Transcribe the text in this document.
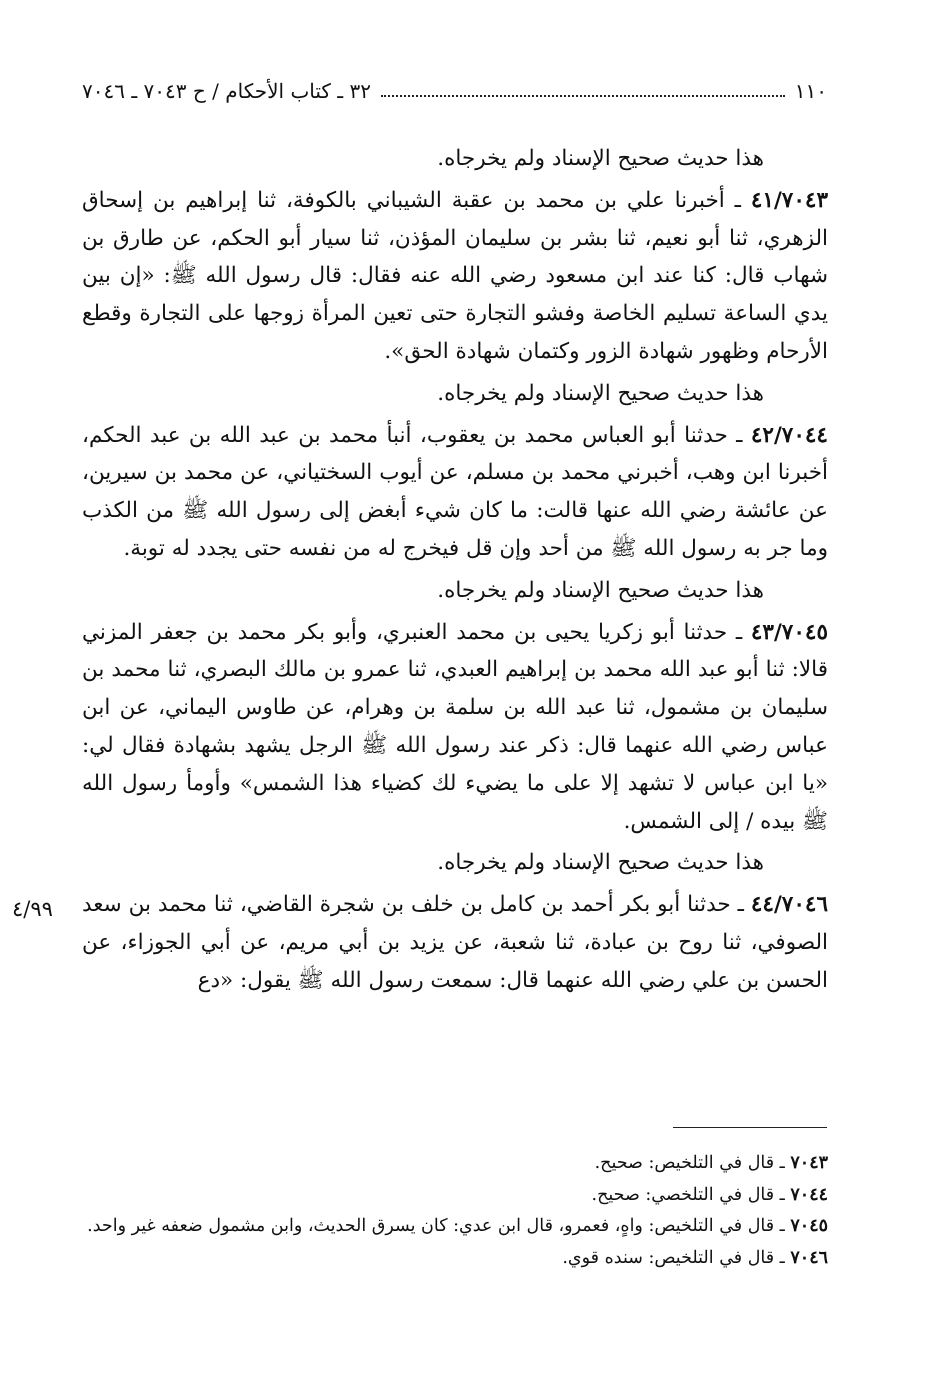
١١٠
٣٢ ـ كتاب الأحكام / ح ٧٠٤٣ ـ ٧٠٤٦

هذا حديث صحيح الإسناد ولم يخرجاه.

٤١/٧٠٤٣ ـ أخبرنا علي بن محمد بن عقبة الشيباني بالكوفة، ثنا إبراهيم بن إسحاق الزهري، ثنا أبو نعيم، ثنا بشر بن سليمان المؤذن، ثنا سيار أبو الحكم، عن طارق بن شهاب قال: كنا عند ابن مسعود رضي الله عنه فقال: قال رسول الله ﷺ: «إن بين يدي الساعة تسليم الخاصة وفشو التجارة حتى تعين المرأة زوجها على التجارة وقطع الأرحام وظهور شهادة الزور وكتمان شهادة الحق».

هذا حديث صحيح الإسناد ولم يخرجاه.

٤٢/٧٠٤٤ ـ حدثنا أبو العباس محمد بن يعقوب، أنبأ محمد بن عبد الله بن عبد الحكم، أخبرنا ابن وهب، أخبرني محمد بن مسلم، عن أيوب السختياني، عن محمد بن سيرين، عن عائشة رضي الله عنها قالت: ما كان شيء أبغض إلى رسول الله ﷺ من الكذب وما جر به رسول الله ﷺ من أحد وإن قل فيخرج له من نفسه حتى يجدد له توبة.

هذا حديث صحيح الإسناد ولم يخرجاه.

٤٣/٧٠٤٥ ـ حدثنا أبو زكريا يحيى بن محمد العنبري، وأبو بكر محمد بن جعفر المزني قالا: ثنا أبو عبد الله محمد بن إبراهيم العبدي، ثنا عمرو بن مالك البصري، ثنا محمد بن سليمان بن مشمول، ثنا عبد الله بن سلمة بن وهرام، عن طاوس اليماني، عن ابن عباس رضي الله عنهما قال: ذكر عند رسول الله ﷺ الرجل يشهد بشهادة فقال لي: «يا ابن عباس لا تشهد إلا على ما يضيء لك كضياء هذا الشمس» وأومأ رسول الله ﷺ بيده / إلى الشمس.

هذا حديث صحيح الإسناد ولم يخرجاه.

٤٤/٧٠٤٦ ـ حدثنا أبو بكر أحمد بن كامل بن خلف بن شجرة القاضي، ثنا محمد بن سعد الصوفي، ثنا روح بن عبادة، ثنا شعبة، عن يزيد بن أبي مريم، عن أبي الجوزاء، عن الحسن بن علي رضي الله عنهما قال: سمعت رسول الله ﷺ يقول: «دع

٤/٩٩

٧٠٤٣ ـ قال في التلخيص: صحيح.

٧٠٤٤ ـ قال في التلخصي: صحيح.

٧٠٤٥ ـ قال في التلخيص: واهٍ، فعمرو، قال ابن عدي: كان يسرق الحديث، وابن مشمول ضعفه غير واحد.

٧٠٤٦ ـ قال في التلخيص: سنده قوي.
